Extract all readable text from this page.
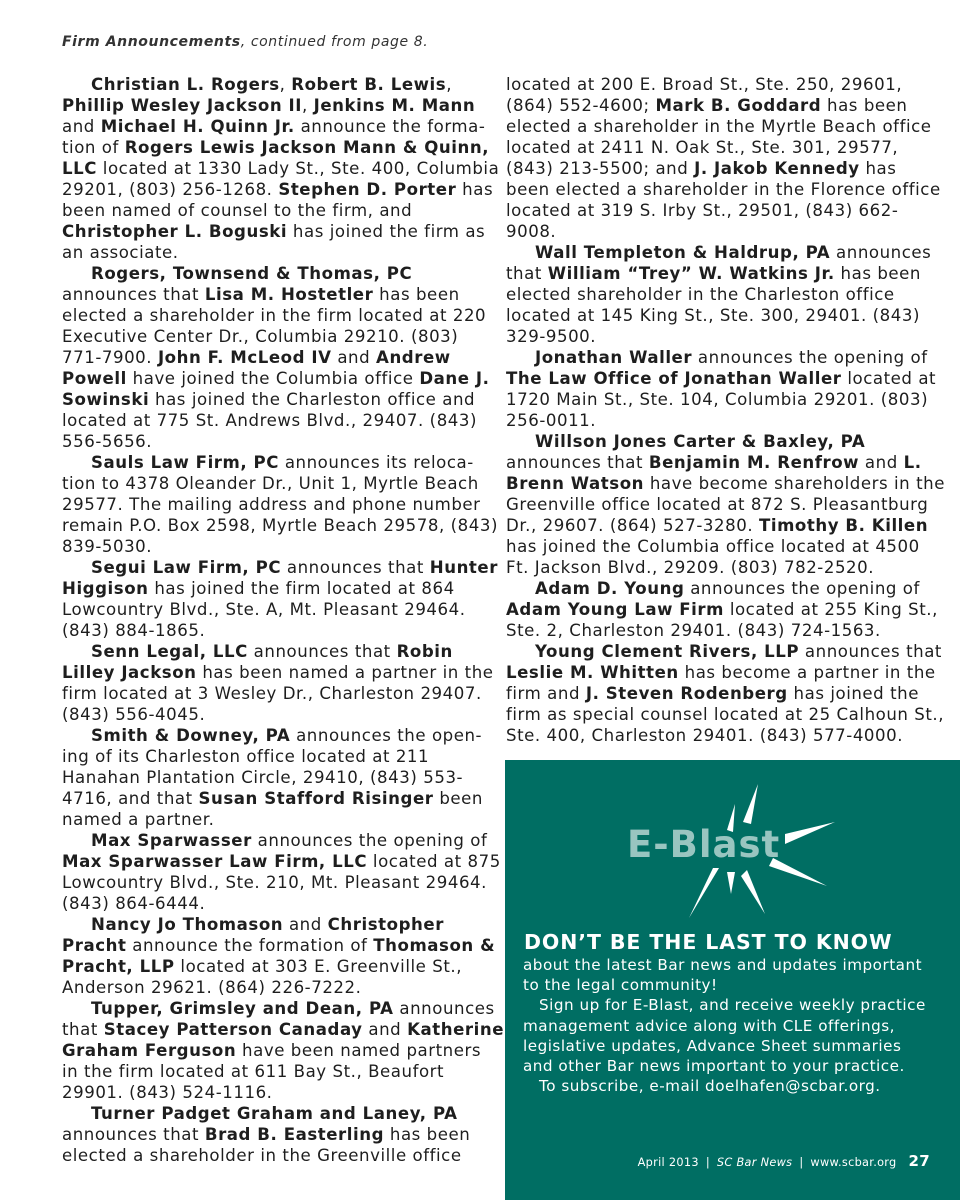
Firm Announcements, continued from page 8.
Christian L. Rogers, Robert B. Lewis,
Phillip Wesley Jackson II, Jenkins M. Mann
and Michael H. Quinn Jr. announce the forma-
tion of Rogers Lewis Jackson Mann & Quinn,
LLC located at 1330 Lady St., Ste. 400, Columbia
29201, (803) 256-1268. Stephen D. Porter has
been named of counsel to the firm, and
Christopher L. Boguski has joined the firm as
an associate.
Rogers, Townsend & Thomas, PC
announces that Lisa M. Hostetler has been
elected a shareholder in the firm located at 220
Executive Center Dr., Columbia 29210. (803)
771-7900. John F. McLeod IV and Andrew
Powell have joined the Columbia office Dane J.
Sowinski has joined the Charleston office and
located at 775 St. Andrews Blvd., 29407. (843)
556-5656.
Sauls Law Firm, PC announces its reloca-
tion to 4378 Oleander Dr., Unit 1, Myrtle Beach
29577. The mailing address and phone number
remain P.O. Box 2598, Myrtle Beach 29578, (843)
839-5030.
Segui Law Firm, PC announces that Hunter
Higgison has joined the firm located at 864
Lowcountry Blvd., Ste. A, Mt. Pleasant 29464.
(843) 884-1865.
Senn Legal, LLC announces that Robin
Lilley Jackson has been named a partner in the
firm located at 3 Wesley Dr., Charleston 29407.
(843) 556-4045.
Smith & Downey, PA announces the open-
ing of its Charleston office located at 211
Hanahan Plantation Circle, 29410, (843) 553-
4716, and that Susan Stafford Risinger been
named a partner.
Max Sparwasser announces the opening of
Max Sparwasser Law Firm, LLC located at 875
Lowcountry Blvd., Ste. 210, Mt. Pleasant 29464.
(843) 864-6444.
Nancy Jo Thomason and Christopher
Pracht announce the formation of Thomason &
Pracht, LLP located at 303 E. Greenville St.,
Anderson 29621. (864) 226-7222.
Tupper, Grimsley and Dean, PA announces
that Stacey Patterson Canaday and Katherine
Graham Ferguson have been named partners
in the firm located at 611 Bay St., Beaufort
29901. (843) 524-1116.
Turner Padget Graham and Laney, PA
announces that Brad B. Easterling has been
elected a shareholder in the Greenville office
located at 200 E. Broad St., Ste. 250, 29601,
(864) 552-4600; Mark B. Goddard has been
elected a shareholder in the Myrtle Beach office
located at 2411 N. Oak St., Ste. 301, 29577,
(843) 213-5500; and J. Jakob Kennedy has
been elected a shareholder in the Florence office
located at 319 S. Irby St., 29501, (843) 662-
9008.
Wall Templeton & Haldrup, PA announces
that William “Trey” W. Watkins Jr. has been
elected shareholder in the Charleston office
located at 145 King St., Ste. 300, 29401. (843)
329-9500.
Jonathan Waller announces the opening of
The Law Office of Jonathan Waller located at
1720 Main St., Ste. 104, Columbia 29201. (803)
256-0011.
Willson Jones Carter & Baxley, PA
announces that Benjamin M. Renfrow and L.
Brenn Watson have become shareholders in the
Greenville office located at 872 S. Pleasantburg
Dr., 29607. (864) 527-3280. Timothy B. Killen
has joined the Columbia office located at 4500
Ft. Jackson Blvd., 29209. (803) 782-2520.
Adam D. Young announces the opening of
Adam Young Law Firm located at 255 King St.,
Ste. 2, Charleston 29401. (843) 724-1563.
Young Clement Rivers, LLP announces that
Leslie M. Whitten has become a partner in the
firm and J. Steven Rodenberg has joined the
firm as special counsel located at 25 Calhoun St.,
Ste. 400, Charleston 29401. (843) 577-4000.
E-Blast
DON’T BE THE LAST TO KNOW
about the latest Bar news and updates important
to the legal community!
Sign up for E-Blast, and receive weekly practice
management advice along with CLE offerings,
legislative updates, Advance Sheet summaries
and other Bar news important to your practice.
To subscribe, e-mail doelhafen@scbar.org.
April 2013 | SC Bar News | www.scbar.org 27
